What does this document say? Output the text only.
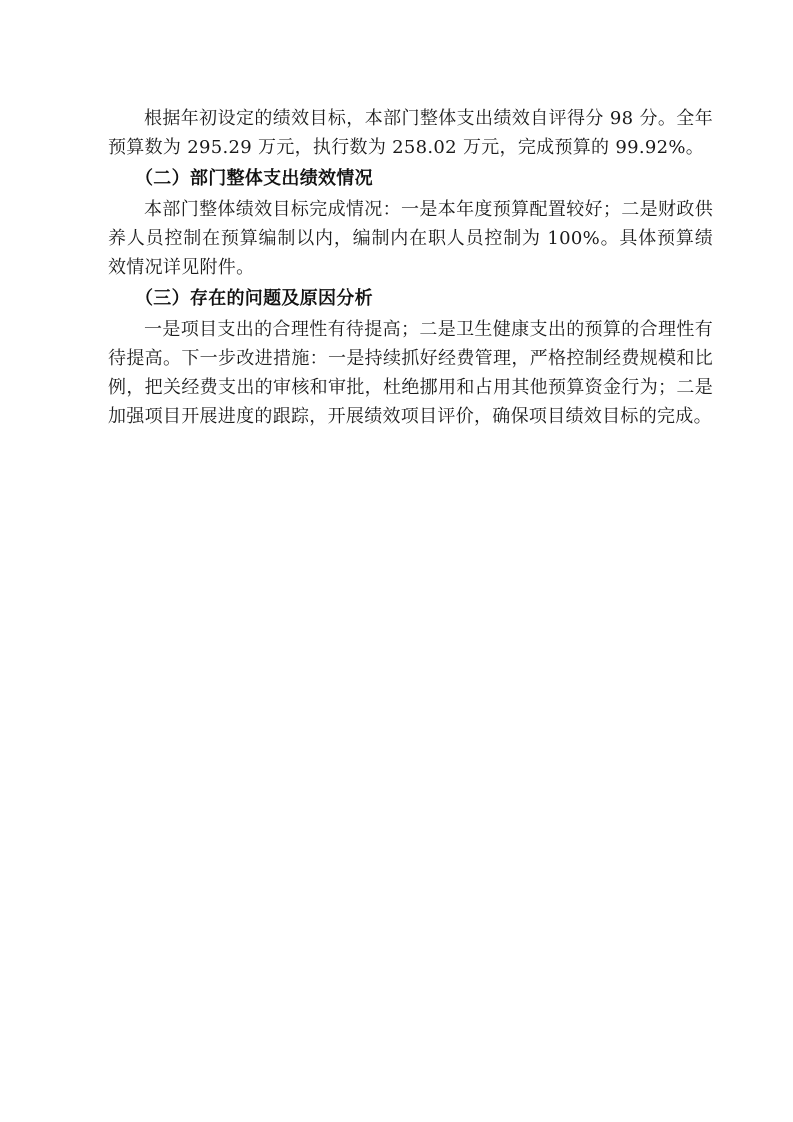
根据年初设定的绩效目标，本部门整体支出绩效自评得分 98 分。全年预算数为 295.29 万元，执行数为 258.02 万元，完成预算的 99.92%。

（二）部门整体支出绩效情况

本部门整体绩效目标完成情况：一是本年度预算配置较好；二是财政供养人员控制在预算编制以内，编制内在职人员控制为 100%。具体预算绩效情况详见附件。

（三）存在的问题及原因分析

一是项目支出的合理性有待提高；二是卫生健康支出的预算的合理性有待提高。下一步改进措施：一是持续抓好经费管理，严格控制经费规模和比例，把关经费支出的审核和审批，杜绝挪用和占用其他预算资金行为；二是加强项目开展进度的跟踪，开展绩效项目评价，确保项目绩效目标的完成。
